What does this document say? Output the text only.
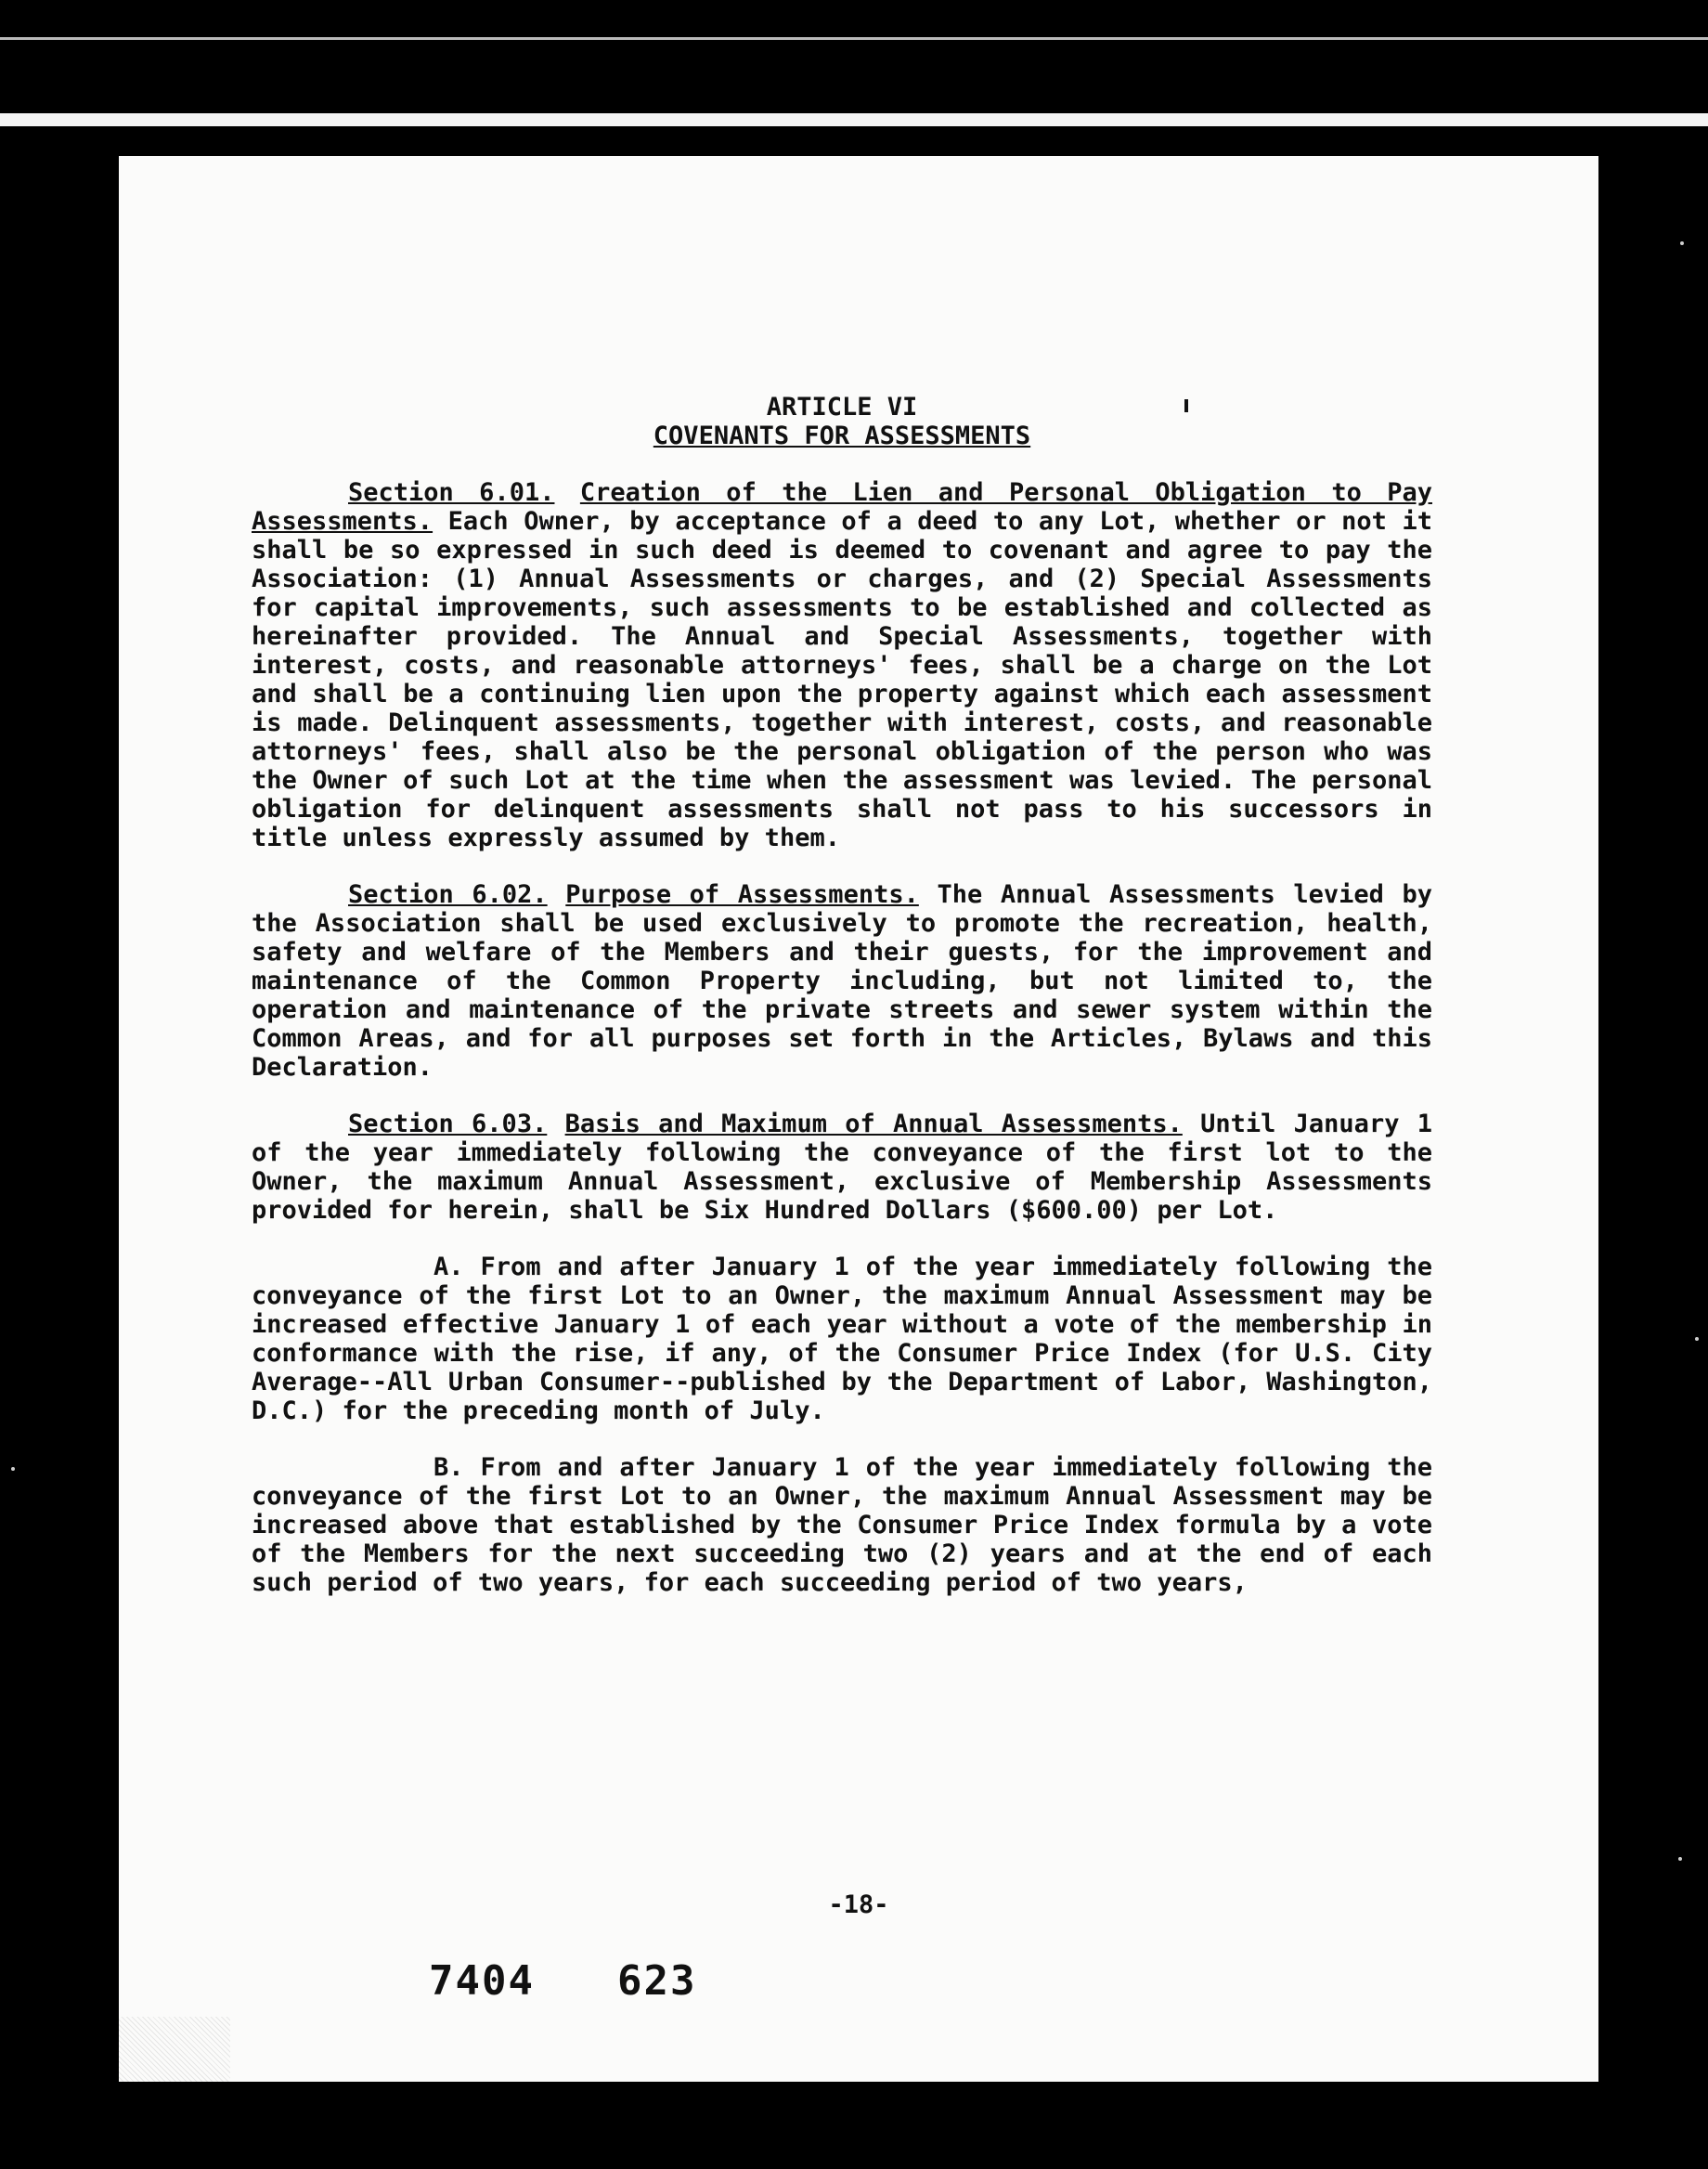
ARTICLE VI

COVENANTS FOR ASSESSMENTS

Section 6.01. Creation of the Lien and Personal Obligation to Pay Assessments. Each Owner, by acceptance of a deed to any Lot, whether or not it shall be so expressed in such deed is deemed to covenant and agree to pay the Association: (1) Annual Assessments or charges, and (2) Special Assessments for capital improvements, such assessments to be established and collected as hereinafter provided. The Annual and Special Assessments, together with interest, costs, and reasonable attorneys' fees, shall be a charge on the Lot and shall be a continuing lien upon the property against which each assessment is made. Delinquent assessments, together with interest, costs, and reasonable attorneys' fees, shall also be the personal obligation of the person who was the Owner of such Lot at the time when the assessment was levied. The personal obligation for delinquent assessments shall not pass to his successors in title unless expressly assumed by them.

Section 6.02. Purpose of Assessments. The Annual Assessments levied by the Association shall be used exclusively to promote the recreation, health, safety and welfare of the Members and their guests, for the improvement and maintenance of the Common Property including, but not limited to, the operation and maintenance of the private streets and sewer system within the Common Areas, and for all purposes set forth in the Articles, Bylaws and this Declaration.

Section 6.03. Basis and Maximum of Annual Assessments. Until January 1 of the year immediately following the conveyance of the first lot to the Owner, the maximum Annual Assessment, exclusive of Membership Assessments provided for herein, shall be Six Hundred Dollars ($600.00) per Lot.

A. From and after January 1 of the year immediately following the conveyance of the first Lot to an Owner, the maximum Annual Assessment may be increased effective January 1 of each year without a vote of the membership in conformance with the rise, if any, of the Consumer Price Index (for U.S. City Average--All Urban Consumer--published by the Department of Labor, Washington, D.C.) for the preceding month of July.

B. From and after January 1 of the year immediately following the conveyance of the first Lot to an Owner, the maximum Annual Assessment may be increased above that established by the Consumer Price Index formula by a vote of the Members for the next succeeding two (2) years and at the end of each such period of two years, for each succeeding period of two years,

-18-
7404 623
